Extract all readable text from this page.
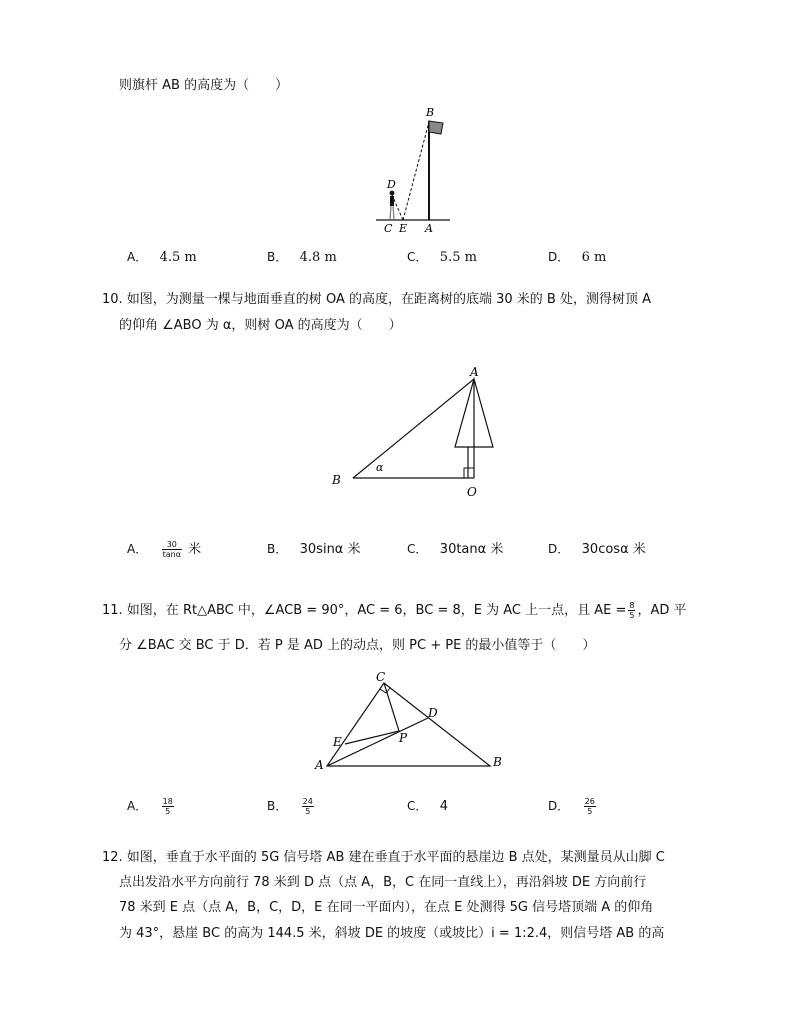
则旗杆 AB 的高度为（　　）
B
D
C E A
A． 4.5 m	B． 4.8 m	C． 5.5 m	D． 6 m
10. 如图，为测量一棵与地面垂直的树 OA 的高度，在距离树的底端 30 米的 B 处，测得树顶 A
的仰角 ∠ABO 为 α，则树 OA 的高度为（　　）
A
B
O
α
A． $\frac{30}{\tan\alpha}$ 米	B． 30sinα 米	C． 30tanα 米	D． 30cosα 米
11. 如图，在 Rt△ABC 中，∠ACB = 90°，AC = 6，BC = 8，E 为 AC 上一点，且 AE = $\frac{8}{5}$ ，AD 平
分 ∠BAC 交 BC 于 D．若 P 是 AD 上的动点，则 PC + PE 的最小值等于（　　）
C
D
E	P
A	B
A． $\frac{18}{5}$	B． $\frac{24}{5}$	C． 4	D． $\frac{26}{5}$
12. 如图，垂直于水平面的 5G 信号塔 AB 建在垂直于水平面的悬崖边 B 点处，某测量员从山脚 C
点出发沿水平方向前行 78 米到 D 点（点 A，B，C 在同一直线上），再沿斜坡 DE 方向前行
78 米到 E 点（点 A，B，C，D，E 在同一平面内），在点 E 处测得 5G 信号塔顶端 A 的仰角
为 43°，悬崖 BC 的高为 144.5 米，斜坡 DE 的坡度（或坡比）i = 1:2.4，则信号塔 AB 的高
